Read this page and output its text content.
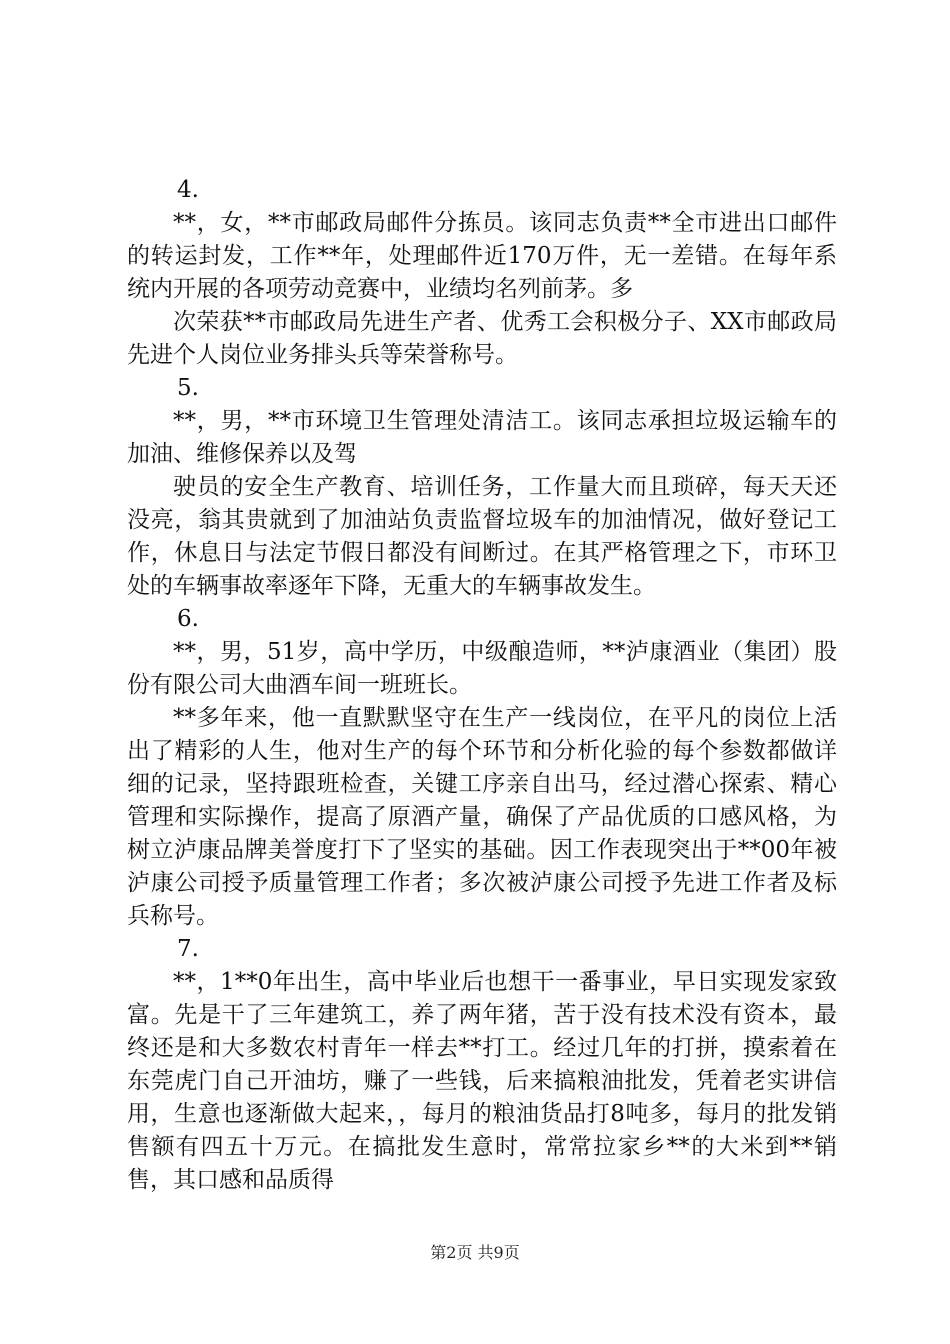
4.

**，女，**市邮政局邮件分拣员。该同志负责**全市进出口邮件的转运封发，工作**年，处理邮件近170万件，无一差错。在每年系统内开展的各项劳动竞赛中，业绩均名列前茅。多

次荣获**市邮政局先进生产者、优秀工会积极分子、XX市邮政局先进个人岗位业务排头兵等荣誉称号。

5.

**，男，**市环境卫生管理处清洁工。该同志承担垃圾运输车的加油、维修保养以及驾

驶员的安全生产教育、培训任务，工作量大而且琐碎，每天天还没亮，翁其贵就到了加油站负责监督垃圾车的加油情况，做好登记工作，休息日与法定节假日都没有间断过。在其严格管理之下，市环卫处的车辆事故率逐年下降，无重大的车辆事故发生。

6.

**，男，51岁，高中学历，中级酿造师，**泸康酒业（集团）股份有限公司大曲酒车间一班班长。

**多年来，他一直默默坚守在生产一线岗位，在平凡的岗位上活出了精彩的人生，他对生产的每个环节和分析化验的每个参数都做详细的记录，坚持跟班检查，关键工序亲自出马，经过潜心探索、精心管理和实际操作，提高了原酒产量，确保了产品优质的口感风格，为树立泸康品牌美誉度打下了坚实的基础。因工作表现突出于**00年被泸康公司授予质量管理工作者；多次被泸康公司授予先进工作者及标兵称号。

7.

**，1**0年出生，高中毕业后也想干一番事业，早日实现发家致富。先是干了三年建筑工，养了两年猪，苦于没有技术没有资本，最终还是和大多数农村青年一样去**打工。经过几年的打拼，摸索着在东莞虎门自己开油坊，赚了一些钱，后来搞粮油批发，凭着老实讲信用，生意也逐渐做大起来，，每月的粮油货品打8吨多，每月的批发销售额有四五十万元。在搞批发生意时，常常拉家乡**的大米到**销售，其口感和品质得

第2页 共9页
